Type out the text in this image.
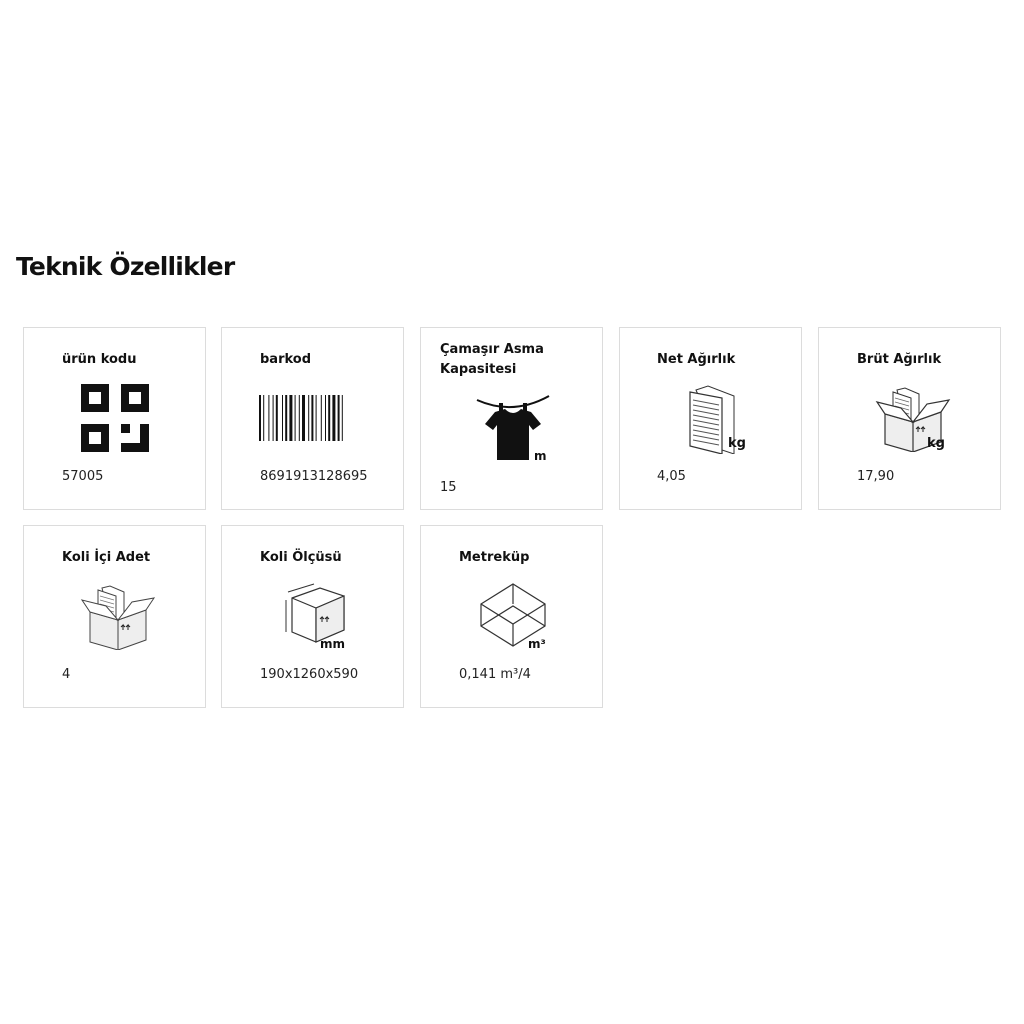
Teknik Özellikler
ürün kodu
57005
barkod
8691913128695
Çamaşır Asma Kapasitesi
m
15
Net Ağırlık
kg
4,05
Brüt Ağırlık
kg
17,90
Koli İçi Adet
4
Koli Ölçüsü
mm
190x1260x590
Metreküp
m³
0,141 m³/4
